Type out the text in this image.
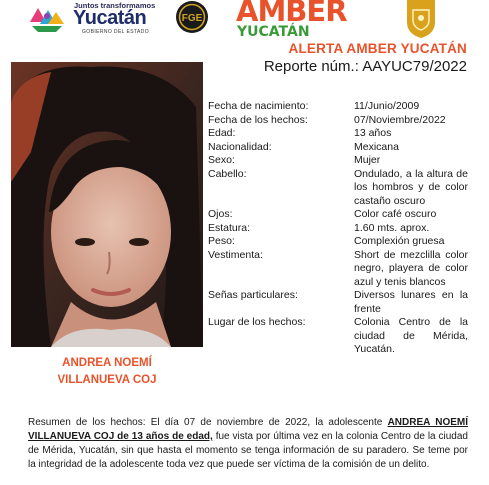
Juntos transformamos
Yucatán
GOBIERNO DEL ESTADO
FGE AMBER
YUCATÁN
ALERTA AMBER YUCATÁN
Reporte núm.: AAYUC79/2022
ANDREA NOEMÍ
VILLANUEVA COJ
Fecha de nacimiento:	11/Junio/2009
Fecha de los hechos:	07/Noviembre/2022
Edad:	13 años
Nacionalidad:	Mexicana
Sexo:	Mujer
Cabello:	Ondulado, a la altura de los hombros y de color castaño oscuro
Ojos:	Color café oscuro
Estatura:	1.60 mts. aprox.
Peso:	Complexión gruesa
Vestimenta:	Short de mezclilla color negro, playera de color azul y tenis blancos
Señas particulares:	Diversos lunares en la frente
Lugar de los hechos:	Colonia Centro de la ciudad de Mérida, Yucatán.
Resumen de los hechos: El día 07 de noviembre de 2022, la adolescente ANDREA NOEMÍ VILLANUEVA COJ de 13 años de edad, fue vista por última vez en la colonia Centro de la ciudad de Mérida, Yucatán, sin que hasta el momento se tenga información de su paradero. Se teme por la integridad de la adolescente toda vez que puede ser víctima de la comisión de un delito.
